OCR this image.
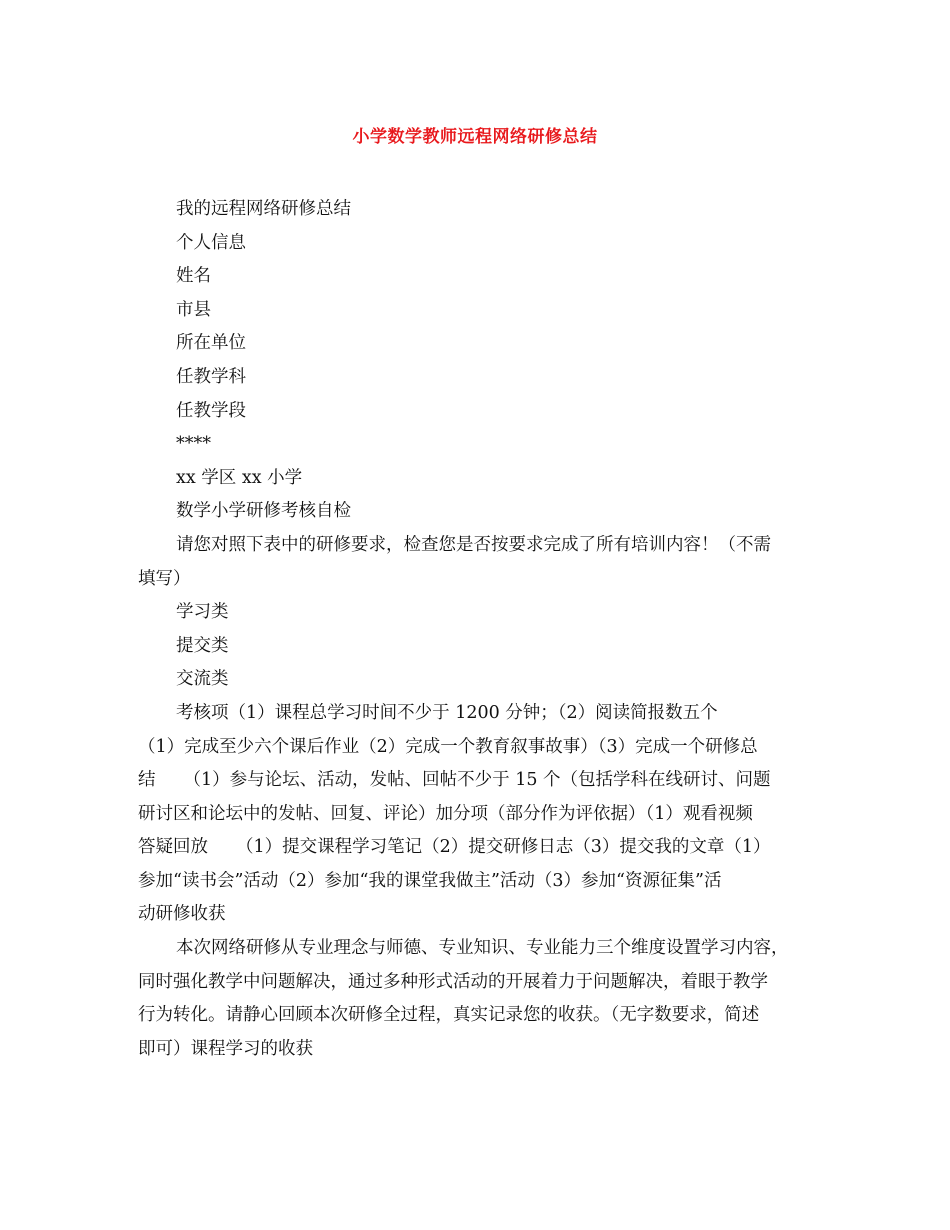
小学数学教师远程网络研修总结
我的远程网络研修总结
个人信息
姓名
市县
所在单位
任教学科
任教学段
****
xx 学区 xx 小学
数学小学研修考核自检
请您对照下表中的研修要求，检查您是否按要求完成了所有培训内容！（不需
填写）
学习类
提交类
交流类
考核项（1）课程总学习时间不少于 1200 分钟；（2）阅读简报数五个
（1）完成至少六个课后作业（2）完成一个教育叙事故事）（3）完成一个研修总
结 （1）参与论坛、活动，发帖、回帖不少于 15 个（包括学科在线研讨、问题
研讨区和论坛中的发帖、回复、评论）加分项（部分作为评依据）（1）观看视频
答疑回放 （1）提交课程学习笔记（2）提交研修日志（3）提交我的文章（1）
参加“读书会”活动（2）参加“我的课堂我做主”活动（3）参加“资源征集”活
动研修收获
本次网络研修从专业理念与师德、专业知识、专业能力三个维度设置学习内容，
同时强化教学中问题解决，通过多种形式活动的开展着力于问题解决，着眼于教学
行为转化。请静心回顾本次研修全过程，真实记录您的收获。（无字数要求，简述
即可）课程学习的收获
